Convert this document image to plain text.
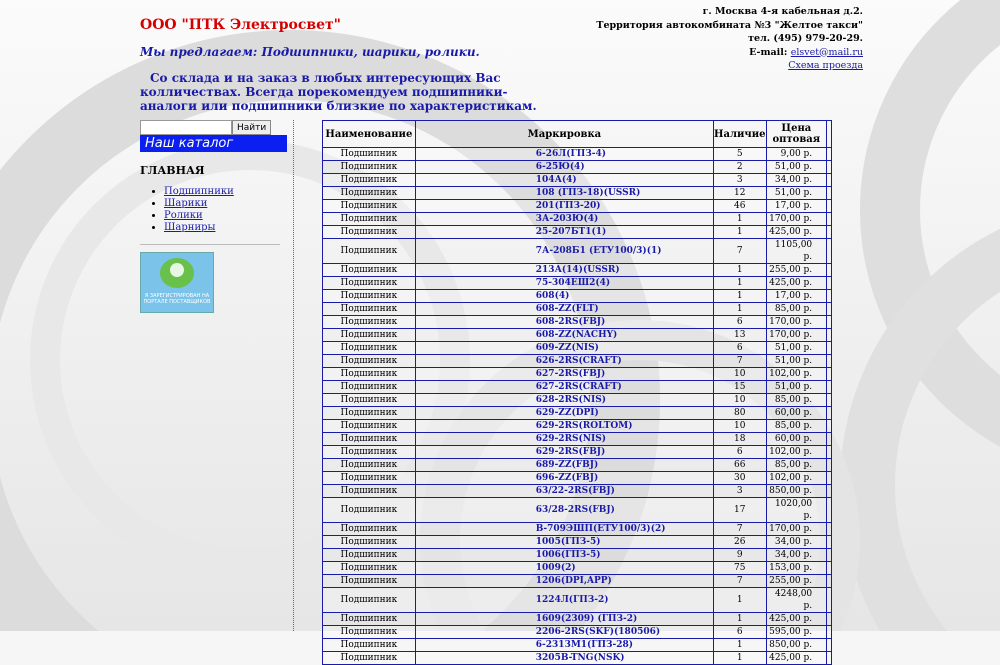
ООО "ПТК Электросвет"
Мы предлагаем: Подшипники, шарики, ролики.
Со склада и на заказ в любых интересующих Вас колличествах. Всегда порекомендуем подшипники-аналоги или подшипники близкие по характеристикам.
г. Москва 4-я кабельная д.2.
Территория автокомбината №3 "Желтое такси"
тел. (495) 979-20-29.
E-mail: elsvet@mail.ru
Схема проезда
Найти
Наш каталог
ГЛАВНАЯ
• Подшипники
• Шарики
• Ролики
• Шарниры
Я ЗАРЕГИСТРИРОВАН НА ПОРТАЛЕ ПОСТАВЩИКОВ
Наименование	Маркировка	Наличие	Цена оптовая	
Подшипник	6-26Л(ГПЗ-4)	5	9,00 р.	
Подшипник	6-25Ю(4)	2	51,00 р.	
Подшипник	104А(4)	3	34,00 р.	
Подшипник	108 (ГПЗ-18)(USSR)	12	51,00 р.	
Подшипник	201(ГПЗ-20)	46	17,00 р.	
Подшипник	3А-203Ю(4)	1	170,00 р.	
Подшипник	25-207БТ1(1)	1	425,00 р.	
Подшипник	7А-208Б1 (ЕТУ100/3)(1)	7	1105,00 р.	
Подшипник	213А(14)(USSR)	1	255,00 р.	
Подшипник	75-304ЕШ2(4)	1	425,00 р.	
Подшипник	608(4)	1	17,00 р.	
Подшипник	608-ZZ(FLT)	1	85,00 р.	
Подшипник	608-2RS(FBJ)	6	170,00 р.	
Подшипник	608-ZZ(NACHY)	13	170,00 р.	
Подшипник	609-ZZ(NIS)	6	51,00 р.	
Подшипник	626-2RS(CRAFT)	7	51,00 р.	
Подшипник	627-2RS(FBJ)	10	102,00 р.	
Подшипник	627-2RS(CRAFT)	15	51,00 р.	
Подшипник	628-2RS(NIS)	10	85,00 р.	
Подшипник	629-ZZ(DPI)	80	60,00 р.	
Подшипник	629-2RS(ROLTOM)	10	85,00 р.	
Подшипник	629-2RS(NIS)	18	60,00 р.	
Подшипник	629-2RS(FBJ)	6	102,00 р.	
Подшипник	689-ZZ(FBJ)	66	85,00 р.	
Подшипник	696-ZZ(FBJ)	30	102,00 р.	
Подшипник	63/22-2RS(FBJ)	3	850,00 р.	
Подшипник	63/28-2RS(FBJ)	17	1020,00 р.	
Подшипник	В-709ЭШП(ЕТУ100/3)(2)	7	170,00 р.	
Подшипник	1005(ГПЗ-5)	26	34,00 р.	
Подшипник	1006(ГПЗ-5)	9	34,00 р.	
Подшипник	1009(2)	75	153,00 р.	
Подшипник	1206(DPI,APP)	7	255,00 р.	
Подшипник	1224Л(ГПЗ-2)	1	4248,00 р.	
Подшипник	1609(2309) (ГПЗ-2)	1	425,00 р.	
Подшипник	2206-2RS(SKF)(180506)	6	595,00 р.	
Подшипник	6-2313М1(ГПЗ-28)	1	850,00 р.	
Подшипник	3205B-TNG(NSK)	1	425,00 р.	
